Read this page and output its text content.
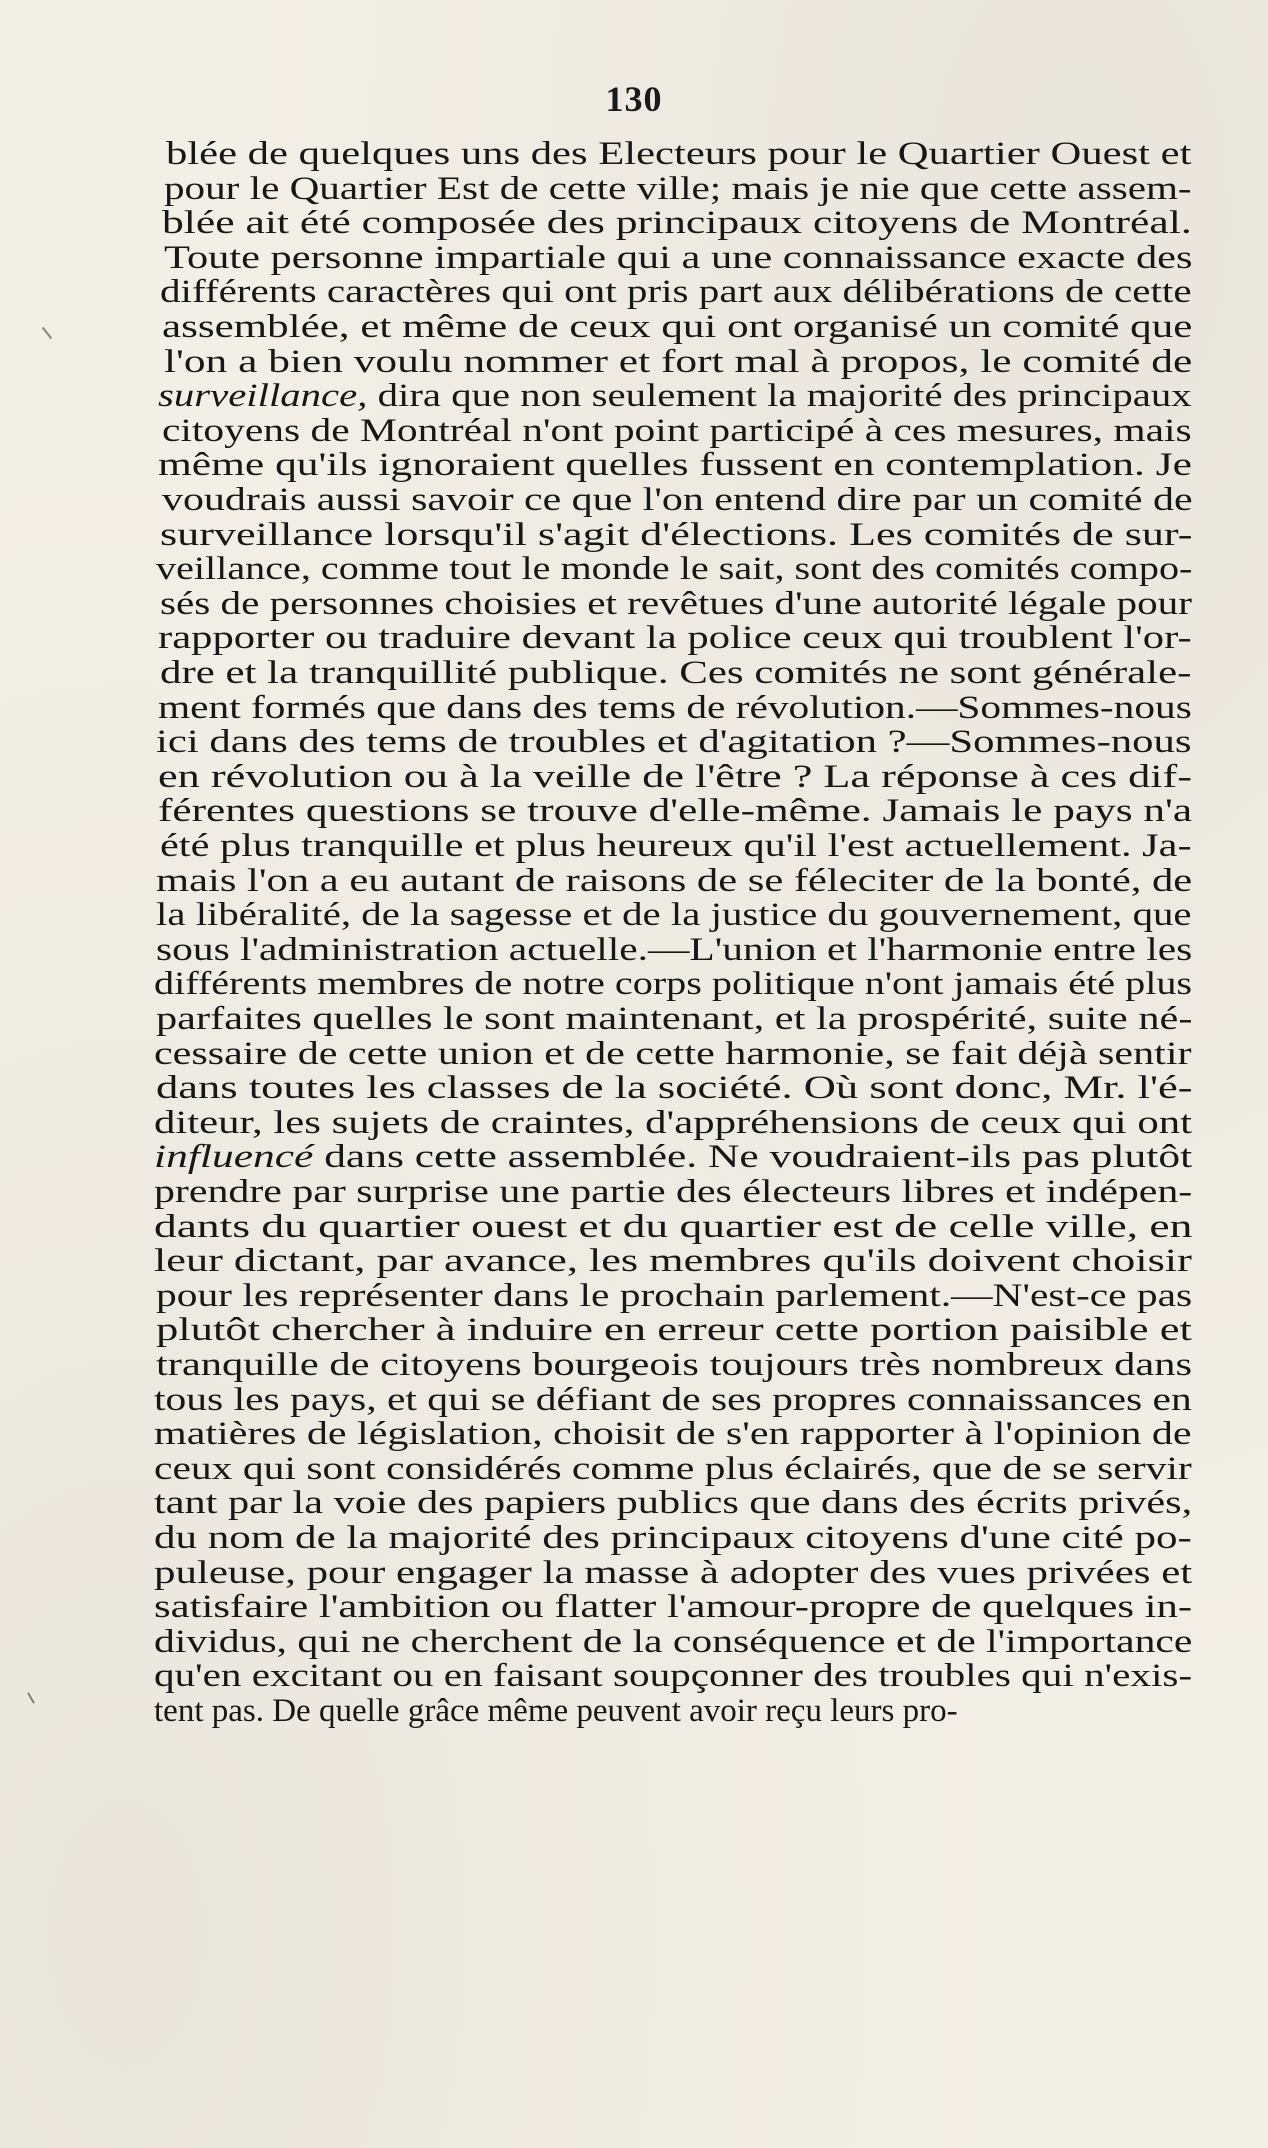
130
blée de quelques uns des Electeurs pour le Quartier Ouest et
pour le Quartier Est de cette ville; mais je nie que cette assem-
blée ait été composée des principaux citoyens de Montréal.
Toute personne impartiale qui a une connaissance exacte des
différents caractères qui ont pris part aux délibérations de cette
assemblée, et même de ceux qui ont organisé un comité que
l'on a bien voulu nommer et fort mal à propos, le comité de
surveillance, dira que non seulement la majorité des principaux
citoyens de Montréal n'ont point participé à ces mesures, mais
même qu'ils ignoraient quelles fussent en contemplation. Je
voudrais aussi savoir ce que l'on entend dire par un comité de
surveillance lorsqu'il s'agit d'élections. Les comités de sur-
veillance, comme tout le monde le sait, sont des comités compo-
sés de personnes choisies et revêtues d'une autorité légale pour
rapporter ou traduire devant la police ceux qui troublent l'or-
dre et la tranquillité publique. Ces comités ne sont générale-
ment formés que dans des tems de révolution.—Sommes-nous
ici dans des tems de troubles et d'agitation ?—Sommes-nous
en révolution ou à la veille de l'être ? La réponse à ces dif-
férentes questions se trouve d'elle-même. Jamais le pays n'a
été plus tranquille et plus heureux qu'il l'est actuellement. Ja-
mais l'on a eu autant de raisons de se féleciter de la bonté, de
la libéralité, de la sagesse et de la justice du gouvernement, que
sous l'administration actuelle.—L'union et l'harmonie entre les
différents membres de notre corps politique n'ont jamais été plus
parfaites quelles le sont maintenant, et la prospérité, suite né-
cessaire de cette union et de cette harmonie, se fait déjà sentir
dans toutes les classes de la société. Où sont donc, Mr. l'é-
diteur, les sujets de craintes, d'appréhensions de ceux qui ont
influencé dans cette assemblée. Ne voudraient-ils pas plutôt
prendre par surprise une partie des électeurs libres et indépen-
dants du quartier ouest et du quartier est de celle ville, en
leur dictant, par avance, les membres qu'ils doivent choisir
pour les représenter dans le prochain parlement.—N'est-ce pas
plutôt chercher à induire en erreur cette portion paisible et
tranquille de citoyens bourgeois toujours très nombreux dans
tous les pays, et qui se défiant de ses propres connaissances en
matières de législation, choisit de s'en rapporter à l'opinion de
ceux qui sont considérés comme plus éclairés, que de se servir
tant par la voie des papiers publics que dans des écrits privés,
du nom de la majorité des principaux citoyens d'une cité po-
puleuse, pour engager la masse à adopter des vues privées et
satisfaire l'ambition ou flatter l'amour-propre de quelques in-
dividus, qui ne cherchent de la conséquence et de l'importance
qu'en excitant ou en faisant soupçonner des troubles qui n'exis-
tent pas. De quelle grâce même peuvent avoir reçu leurs pro-
